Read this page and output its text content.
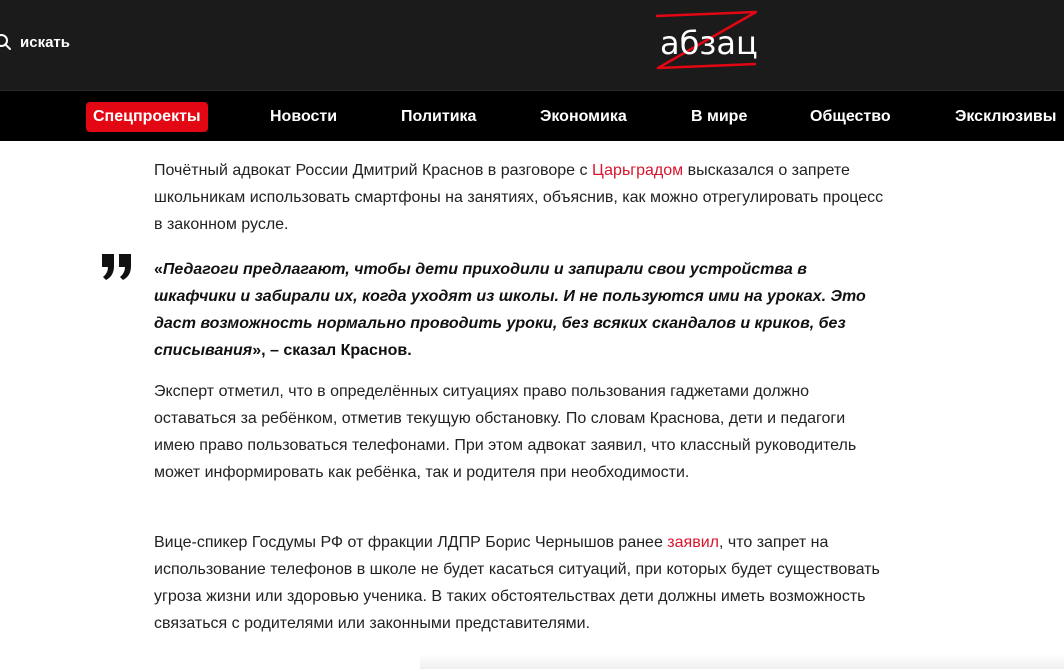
искать	абзац
Спецпроекты	Новости	Политика	Экономика	В мире	Общество	Эксклюзивы

Почётный адвокат России Дмитрий Краснов в разговоре с Царьградом высказался о запрете школьникам использовать смартфоны на занятиях, объяснив, как можно отрегулировать процесс в законном русле.

«Педагоги предлагают, чтобы дети приходили и запирали свои устройства в шкафчики и забирали их, когда уходят из школы. И не пользуются ими на уроках. Это даст возможность нормально проводить уроки, без всяких скандалов и криков, без списывания», – сказал Краснов.

Эксперт отметил, что в определённых ситуациях право пользования гаджетами должно оставаться за ребёнком, отметив текущую обстановку. По словам Краснова, дети и педагоги имею право пользоваться телефонами. При этом адвокат заявил, что классный руководитель может информировать как ребёнка, так и родителя при необходимости.

Вице-спикер Госдумы РФ от фракции ЛДПР Борис Чернышов ранее заявил, что запрет на использование телефонов в школе не будет касаться ситуаций, при которых будет существовать угроза жизни или здоровью ученика. В таких обстоятельствах дети должны иметь возможность связаться с родителями или законными представителями.
